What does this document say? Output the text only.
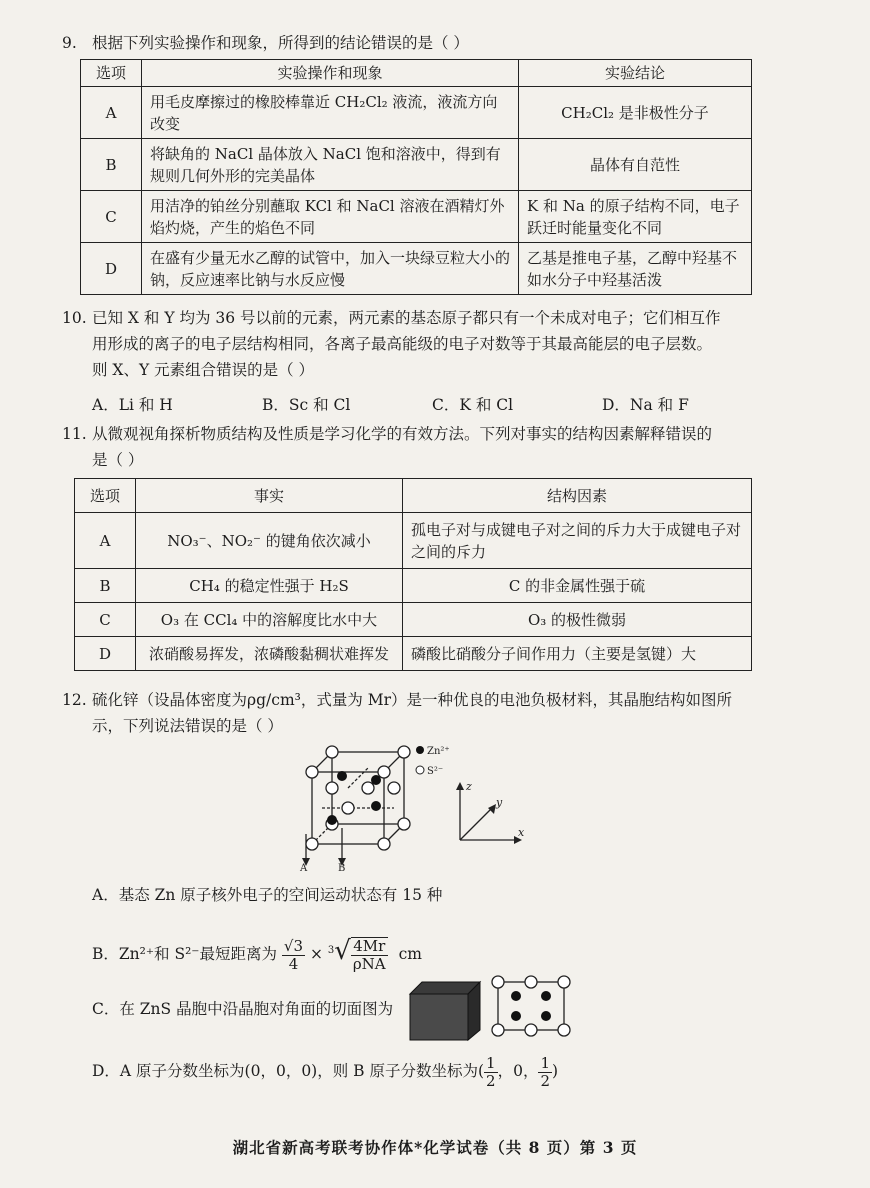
9. 根据下列实验操作和现象，所得到的结论错误的是（ ）
选项	实验操作和现象	实验结论
A	用毛皮摩擦过的橡胶棒靠近 CH₂Cl₂ 液流，液流方向改变	CH₂Cl₂ 是非极性分子
B	将缺角的 NaCl 晶体放入 NaCl 饱和溶液中，得到有规则几何外形的完美晶体	晶体有自范性
C	用洁净的铂丝分别蘸取 KCl 和 NaCl 溶液在酒精灯外焰灼烧，产生的焰色不同	K 和 Na 的原子结构不同，电子跃迁时能量变化不同
D	在盛有少量无水乙醇的试管中，加入一块绿豆粒大小的钠，反应速率比钠与水反应慢	乙基是推电子基，乙醇中羟基不如水分子中羟基活泼
10. 已知 X 和 Y 均为 36 号以前的元素，两元素的基态原子都只有一个未成对电子；它们相互作
用形成的离子的电子层结构相同，各离子最高能级的电子对数等于其最高能层的电子层数。
则 X、Y 元素组合错误的是（ ）
A．Li 和 H	B．Sc 和 Cl	C．K 和 Cl	D．Na 和 F
11. 从微观视角探析物质结构及性质是学习化学的有效方法。下列对事实的结构因素解释错误的
是（ ）
选项	事实	结构因素
A	NO₃⁻、NO₂⁻ 的键角依次减小	孤电子对与成键电子对之间的斥力大于成键电子对之间的斥力
B	CH₄ 的稳定性强于 H₂S	C 的非金属性强于硫
C	O₃ 在 CCl₄ 中的溶解度比水中大	O₃ 的极性微弱
D	浓硝酸易挥发，浓磷酸黏稠状难挥发	磷酸比硝酸分子间作用力（主要是氢键）大
12. 硫化锌（设晶体密度为ρg/cm³，式量为 Mr）是一种优良的电池负极材料，其晶胞结构如图所
示，下列说法错误的是（ ）
A	B
Zn²⁺
S²⁻
z
y
x
A．基态 Zn 原子核外电子的空间运动状态有 15 种
B．Zn²⁺和 S²⁻最短距离为 $\frac{√3}{4} \times ^3√ \frac{4Mr}{\text{ρNA}}$ cm
C．在 ZnS 晶胞中沿晶胞对角面的切面图为
D．A 原子分数坐标为(0，0，0)，则 B 原子分数坐标为( $\frac{1}{2}$ ，0， $\frac{1}{2}$ )
湖北省新高考联考协作体*化学试卷（共 8 页）第 3 页
